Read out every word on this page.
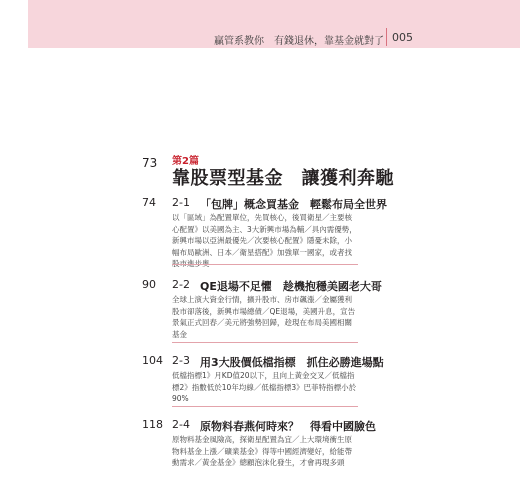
贏管系教你　有錢退休，靠基金就對了 005
73 第2篇
靠股票型基金　讓獲利奔馳
74 2-1 「包牌」概念買基金　輕鬆布局全世界
以「區域」為配置單位，先買核心，後買衛星／主要核心配置》以美國為主、3大新興市場為輔／具內需優勢，新興市場以亞洲最優先／次要核心配置》隱憂未除，小幅布局歐洲、日本／衛星搭配》加強單一國家，或者找
90 2-2 QE退場不足懼　趁機抱穩美國老大哥
全球上演大資金行情，擴升股市、房市飆漲／金屬獲利股市卻落後，新興市場總債／QE退場，美國升息，宣告景氣正式回春／美元將強勢回歸，趁現在布局美國相關基金
104 2-3 用3大股價低檔指標　抓住必勝進場點
低檔指標1》月KD值20以下，且向上黃金交叉／低檔指標2》指數低於10年均線／低檔指標3》巴菲特指標小於90%
118 2-4 原物料春燕何時來？　得看中國臉色
原物料基金風險高，探衛星配置為宜／上大環境衝生原物料基金上漲／礦業基金》得等中國經濟變好，給能帶動需求／黃金基金》總顧泡沫化發生，才會再現多頭
